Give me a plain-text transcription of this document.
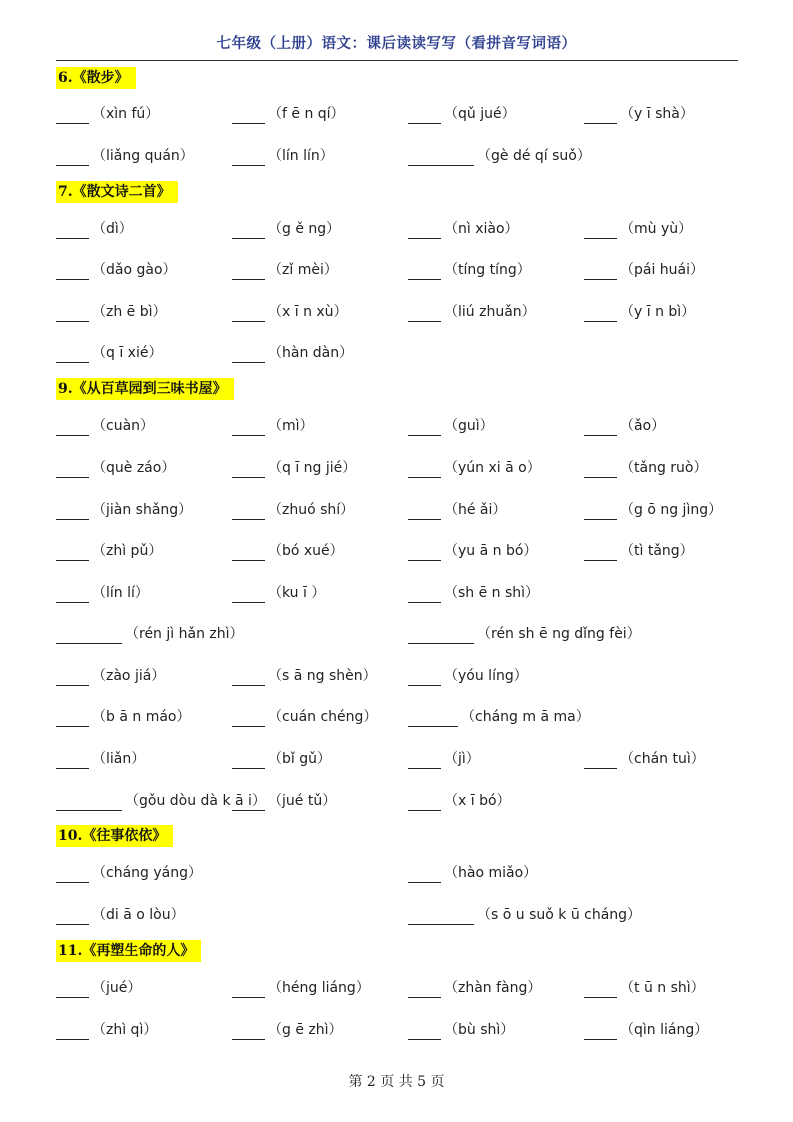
七年级（上册）语文：课后读读写写（看拼音写词语）
6.《散步》
（xìn fú）	（f ē n qí）	（qǔ jué）	（y ī shà）
（liǎng quán）	（lín lín）	（gè dé qí suǒ）
7.《散文诗二首》
（dì）	（g ě ng）	（nì xiào）	（mù yù）
（dǎo gào）	（zǐ mèi）	（tíng tíng）	（pái huái）
（zh ē bì）	（x ī n xù）	（liú zhuǎn）	（y ī n bì）
（q ī xié）	（hàn dàn）
9.《从百草园到三味书屋》
（cuàn）	（mì）	（guì）	（ǎo）
（què záo）	（q ī ng jié）	（yún xi ā o）	（tǎng ruò）
（jiàn shǎng）	（zhuó shí）	（hé ǎi）	（g ō ng jìng）
（zhì pǔ）	（bó xué）	（yu ā n bó）	（tì tǎng）
（lín lí）	（ku ī ）	（sh ē n shì）
（rén jì hǎn zhì）	（rén sh ē ng dǐng fèi）
（zào jiá）	（s ā ng shèn）	（yóu líng）
（b ā n máo）	（cuán chéng）	（cháng m ā ma）
（liǎn）	（bǐ gǔ）	（jì）	（chán tuì）
（gǒu dòu dà k ā i） （jué tǔ）	（x ī bó）
10.《往事依依》
（cháng yáng）	（hào miǎo）
（di ā o lòu）	（s ō u suǒ k ū cháng）
11.《再塑生命的人》
（jué）	（héng liáng）	（zhàn fàng）	（t ū n shì）
（zhì qì）	（g ē zhì）	（bù shì）	（qìn liáng）
第 2 页 共 5 页
